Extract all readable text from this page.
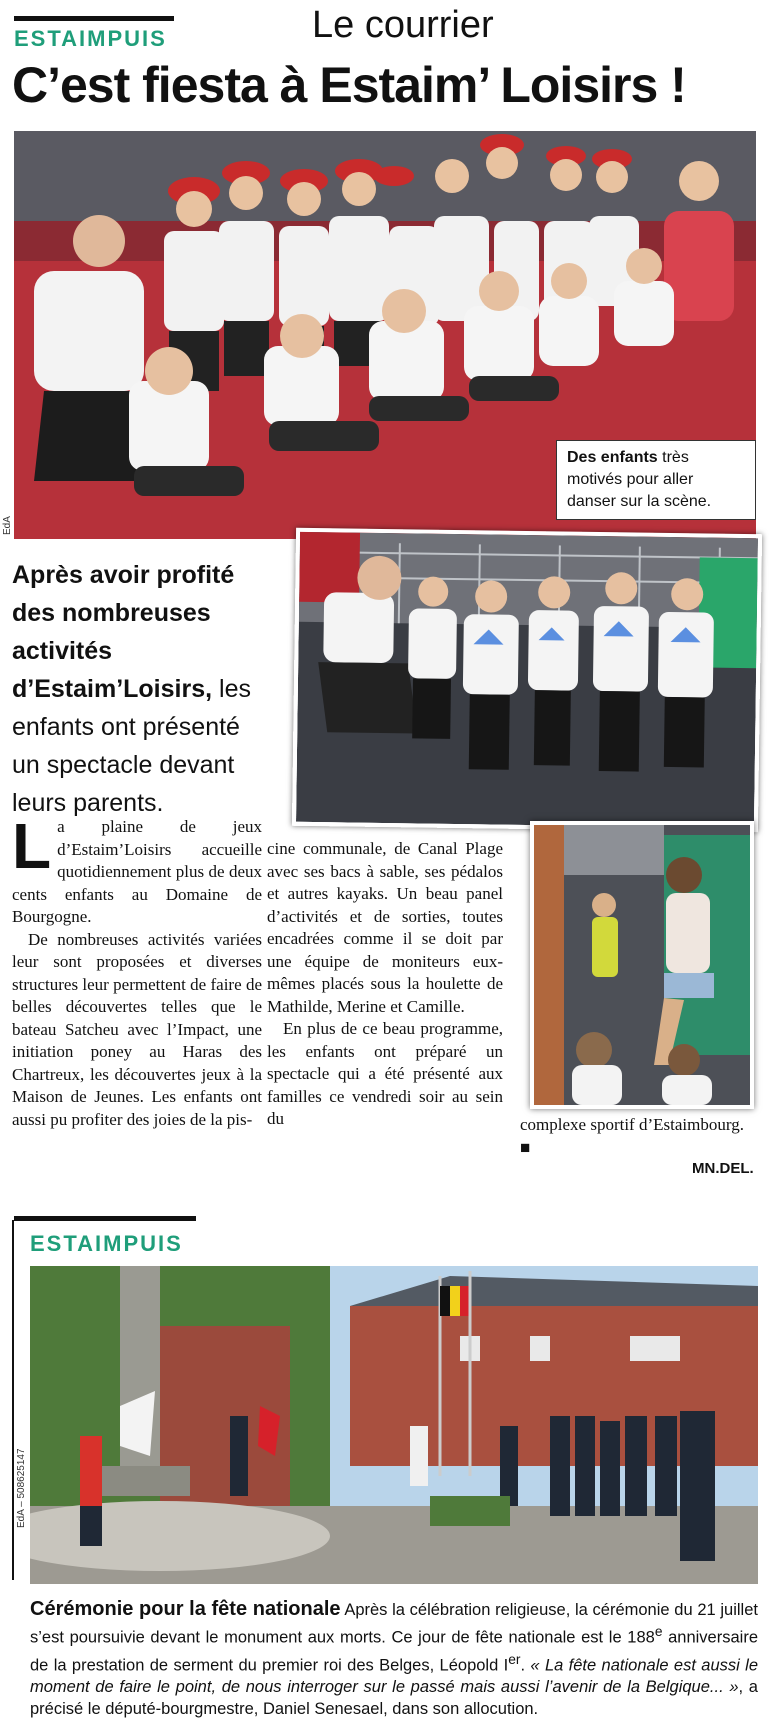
ESTAIMPUIS	Le courrier
C’est fiesta à Estaim’ Loisirs !
EdA
Des enfants très motivés pour aller danser sur la scène.
Après avoir profité des nombreuses activités d’Estaim’Loisirs, les enfants ont présenté un spectacle devant leurs parents.

La plaine de jeux d’Estaim’Loisirs accueille quotidiennement plus de deux cents enfants au Domaine de Bourgogne.

De nombreuses activités variées leur sont proposées et diverses structures leur permettent de faire de belles découvertes telles que le bateau Satcheu avec l’Impact, une initiation poney au Haras des Chartreux, les découvertes jeux à la Maison de Jeunes. Les enfants ont aussi pu profiter des joies de la pis-

cine communale, de Canal Plage avec ses bacs à sable, ses pédalos et autres kayaks. Un beau panel d’activités et de sorties, toutes encadrées comme il se doit par une équipe de moniteurs eux-mêmes placés sous la houlette de Mathilde, Merine et Camille.

En plus de ce beau programme, les enfants ont préparé un spectacle qui a été présenté aux familles ce vendredi soir au sein du	complexe sportif d’Estaimbourg. ■
MN.DEL.
ESTAIMPUIS
EdA – 508625147
Cérémonie pour la fête nationale Après la célébration religieuse, la cérémonie du 21 juillet s’est poursuivie devant le monument aux morts. Ce jour de fête nationale est le 188e anniversaire de la prestation de serment du premier roi des Belges, Léopold Ier. « La fête nationale est aussi le moment de faire le point, de nous interroger sur le passé mais aussi l’avenir de la Belgique... », a précisé le député-bourgmestre, Daniel Senesael, dans son allocution.
